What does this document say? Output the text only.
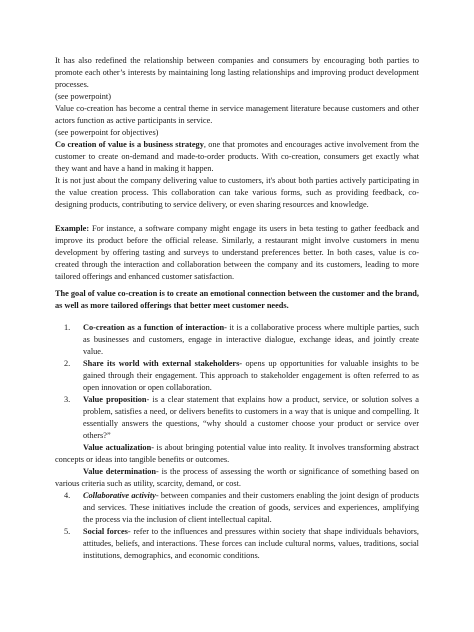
It has also redefined the relationship between companies and consumers by encouraging both parties to promote each other’s interests by maintaining long lasting relationships and improving product development processes.

(see powerpoint)

Value co-creation has become a central theme in service management literature because customers and other actors function as active participants in service.

(see powerpoint for objectives)

Co creation of value is a business strategy, one that promotes and encourages active involvement from the customer to create on-demand and made-to-order products. With co-creation, consumers get exactly what they want and have a hand in making it happen.

It is not just about the company delivering value to customers, it's about both parties actively participating in the value creation process. This collaboration can take various forms, such as providing feedback, co-designing products, contributing to service delivery, or even sharing resources and knowledge.

Example: For instance, a software company might engage its users in beta testing to gather feedback and improve its product before the official release. Similarly, a restaurant might involve customers in menu development by offering tasting and surveys to understand preferences better. In both cases, value is co-created through the interaction and collaboration between the company and its customers, leading to more tailored offerings and enhanced customer satisfaction.

The goal of value co-creation is to create an emotional connection between the customer and the brand, as well as more tailored offerings that better meet customer needs.

1. Co-creation as a function of interaction- it is a collaborative process where multiple parties, such as businesses and customers, engage in interactive dialogue, exchange ideas, and jointly create value.

2. Share its world with external stakeholders- opens up opportunities for valuable insights to be gained through their engagement. This approach to stakeholder engagement is often referred to as open innovation or open collaboration.

3. Value proposition- is a clear statement that explains how a product, service, or solution solves a problem, satisfies a need, or delivers benefits to customers in a way that is unique and compelling. It essentially answers the questions, “why should a customer choose your product or service over others?”

Value actualization- is about bringing potential value into reality. It involves transforming abstract concepts or ideas into tangible benefits or outcomes.

Value determination- is the process of assessing the worth or significance of something based on various criteria such as utility, scarcity, demand, or cost.

4. Collaborative activity- between companies and their customers enabling the joint design of products and services. These initiatives include the creation of goods, services and experiences, amplifying the process via the inclusion of client intellectual capital.

5. Social forces- refer to the influences and pressures within society that shape individuals behaviors, attitudes, beliefs, and interactions. These forces can include cultural norms, values, traditions, social institutions, demographics, and economic conditions.
